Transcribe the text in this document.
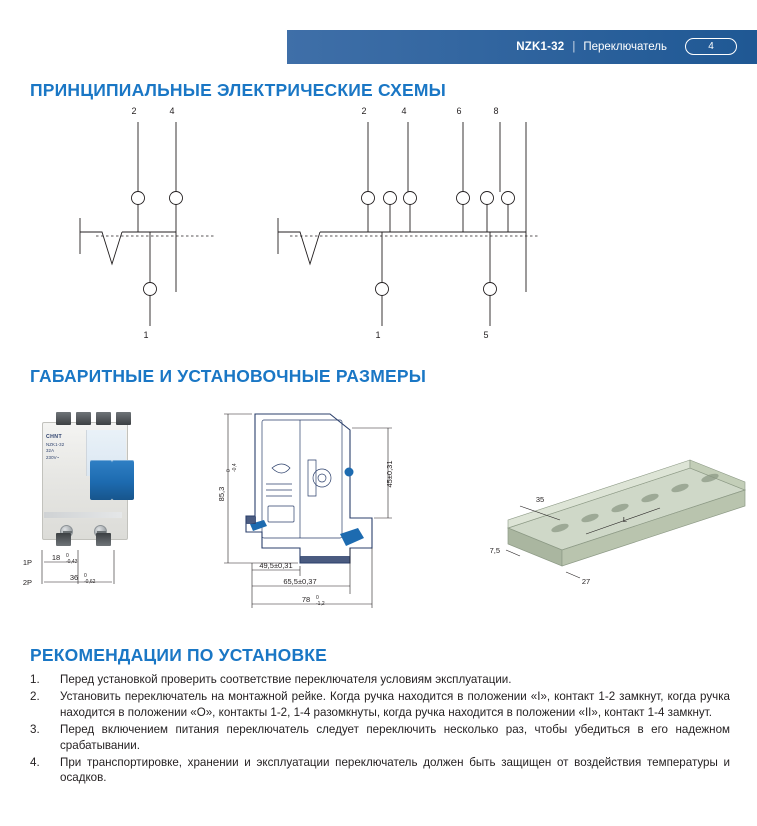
NZK1-32 | Переключатель	4
ПРИНЦИПИАЛЬНЫЕ ЭЛЕКТРИЧЕСКИЕ СХЕМЫ
2	4
1
2	4	6	8
1	5
ГАБАРИТНЫЕ И УСТАНОВОЧНЫЕ РАЗМЕРЫ
CHNT
NZK1-32
32A
230V~
1P
2P
18 0
-0,43
36 0
-0,62
85,3
0 -0,4	45±0,31
49,5±0,31
65,5±0,37
78 0
-1,2
35
7,5
27
L
РЕКОМЕНДАЦИИ ПО УСТАНОВКЕ
1.	Перед установкой проверить соответствие переключателя условиям эксплуатации.
2.	Установить переключатель на монтажной рейке. Когда ручка находится в положении «I», контакт 1-2 замкнут, когда ручка находится в положении «О», контакты 1-2, 1-4 разомкнуты, когда ручка находится в положении «II», контакт 1-4 замкнут.
3.	Перед включением питания переключатель следует переключить несколько раз, чтобы убедиться в его надежном срабатывании.
4.	При транспортировке, хранении и эксплуатации переключатель должен быть защищен от воздействия температуры и осадков.
